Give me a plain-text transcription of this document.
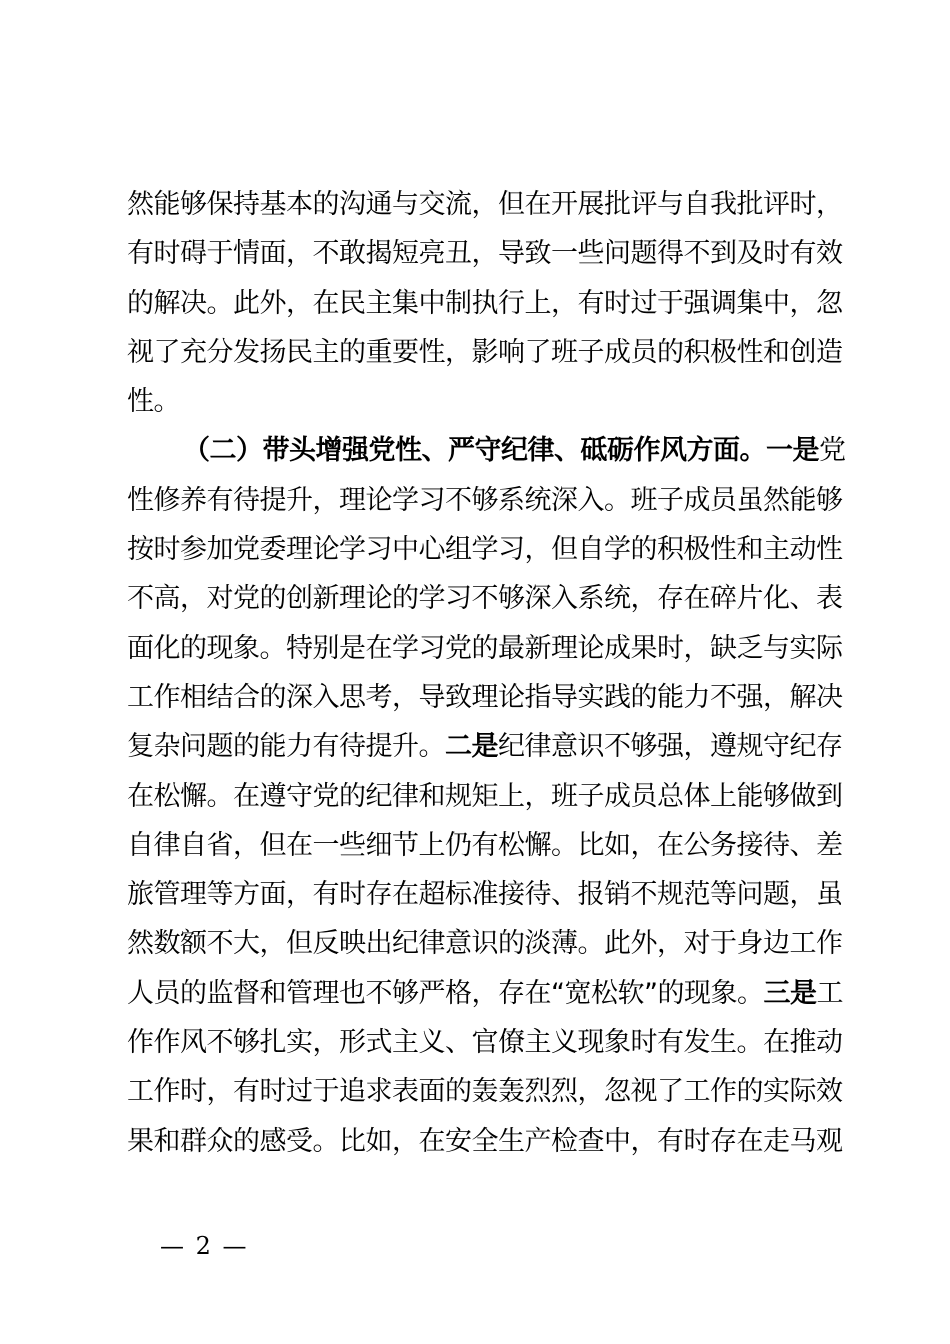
然能够保持基本的沟通与交流，但在开展批评与自我批评时，
有时碍于情面，不敢揭短亮丑，导致一些问题得不到及时有效
的解决。此外，在民主集中制执行上，有时过于强调集中，忽
视了充分发扬民主的重要性，影响了班子成员的积极性和创造
性。
（二）带头增强党性、严守纪律、砥砺作风方面。一是党
性修养有待提升，理论学习不够系统深入。班子成员虽然能够
按时参加党委理论学习中心组学习，但自学的积极性和主动性
不高，对党的创新理论的学习不够深入系统，存在碎片化、表
面化的现象。特别是在学习党的最新理论成果时，缺乏与实际
工作相结合的深入思考，导致理论指导实践的能力不强，解决
复杂问题的能力有待提升。二是纪律意识不够强，遵规守纪存
在松懈。在遵守党的纪律和规矩上，班子成员总体上能够做到
自律自省，但在一些细节上仍有松懈。比如，在公务接待、差
旅管理等方面，有时存在超标准接待、报销不规范等问题，虽
然数额不大，但反映出纪律意识的淡薄。此外，对于身边工作
人员的监督和管理也不够严格，存在“宽松软”的现象。三是工
作作风不够扎实，形式主义、官僚主义现象时有发生。在推动
工作时，有时过于追求表面的轰轰烈烈，忽视了工作的实际效
果和群众的感受。比如，在安全生产检查中，有时存在走马观
— 2 —
